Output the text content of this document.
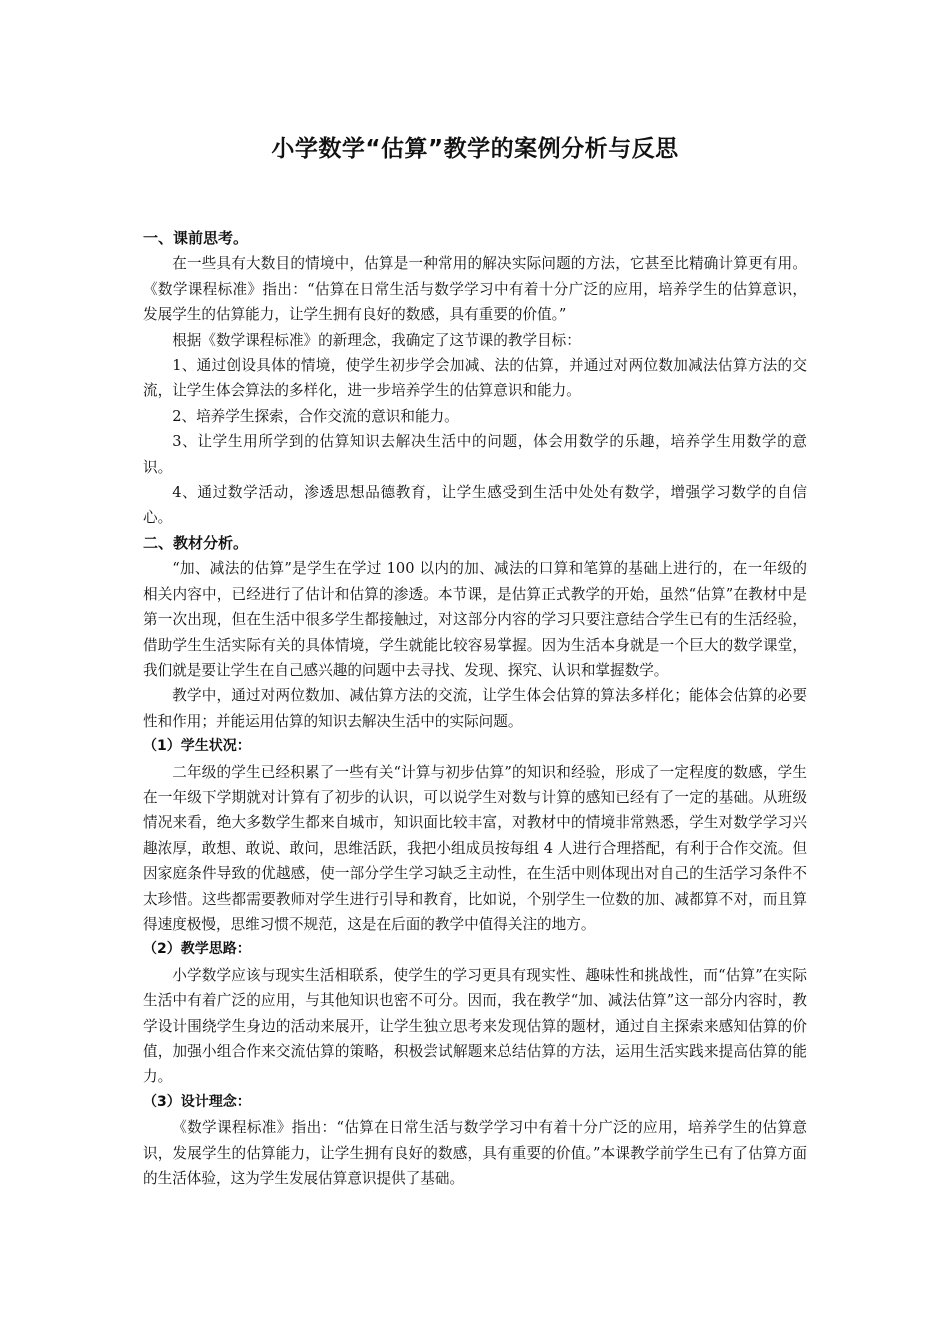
小学数学“估算”教学的案例分析与反思

一、课前思考。

在一些具有大数目的情境中，估算是一种常用的解决实际问题的方法，它甚至比精确计算更有用。《数学课程标准》指出：“估算在日常生活与数学学习中有着十分广泛的应用，培养学生的估算意识，发展学生的估算能力，让学生拥有良好的数感，具有重要的价值。”

根据《数学课程标准》的新理念，我确定了这节课的教学目标：

1、通过创设具体的情境，使学生初步学会加减、法的估算，并通过对两位数加减法估算方法的交流，让学生体会算法的多样化，进一步培养学生的估算意识和能力。

2、培养学生探索，合作交流的意识和能力。

3、让学生用所学到的估算知识去解决生活中的问题，体会用数学的乐趣，培养学生用数学的意识。

4、通过数学活动，渗透思想品德教育，让学生感受到生活中处处有数学，增强学习数学的自信心。

二、教材分析。

“加、减法的估算”是学生在学过 100 以内的加、减法的口算和笔算的基础上进行的，在一年级的相关内容中，已经进行了估计和估算的渗透。本节课，是估算正式教学的开始，虽然“估算”在教材中是第一次出现，但在生活中很多学生都接触过，对这部分内容的学习只要注意结合学生已有的生活经验，借助学生生活实际有关的具体情境，学生就能比较容易掌握。因为生活本身就是一个巨大的数学课堂，我们就是要让学生在自己感兴趣的问题中去寻找、发现、探究、认识和掌握数学。

教学中，通过对两位数加、减估算方法的交流，让学生体会估算的算法多样化；能体会估算的必要性和作用；并能运用估算的知识去解决生活中的实际问题。

（1）学生状况：

二年级的学生已经积累了一些有关“计算与初步估算”的知识和经验，形成了一定程度的数感，学生在一年级下学期就对计算有了初步的认识，可以说学生对数与计算的感知已经有了一定的基础。从班级情况来看，绝大多数学生都来自城市，知识面比较丰富，对教材中的情境非常熟悉，学生对数学学习兴趣浓厚，敢想、敢说、敢问，思维活跃，我把小组成员按每组 4 人进行合理搭配，有利于合作交流。但因家庭条件导致的优越感，使一部分学生学习缺乏主动性，在生活中则体现出对自己的生活学习条件不太珍惜。这些都需要教师对学生进行引导和教育，比如说，个别学生一位数的加、减都算不对，而且算得速度极慢，思维习惯不规范，这是在后面的教学中值得关注的地方。

（2）教学思路：

小学数学应该与现实生活相联系，使学生的学习更具有现实性、趣味性和挑战性，而“估算”在实际生活中有着广泛的应用，与其他知识也密不可分。因而，我在教学“加、减法估算”这一部分内容时，教学设计围绕学生身边的活动来展开，让学生独立思考来发现估算的题材，通过自主探索来感知估算的价值，加强小组合作来交流估算的策略，积极尝试解题来总结估算的方法，运用生活实践来提高估算的能力。

（3）设计理念：

《数学课程标准》指出：“估算在日常生活与数学学习中有着十分广泛的应用，培养学生的估算意识，发展学生的估算能力，让学生拥有良好的数感，具有重要的价值。”本课教学前学生已有了估算方面的生活体验，这为学生发展估算意识提供了基础。
